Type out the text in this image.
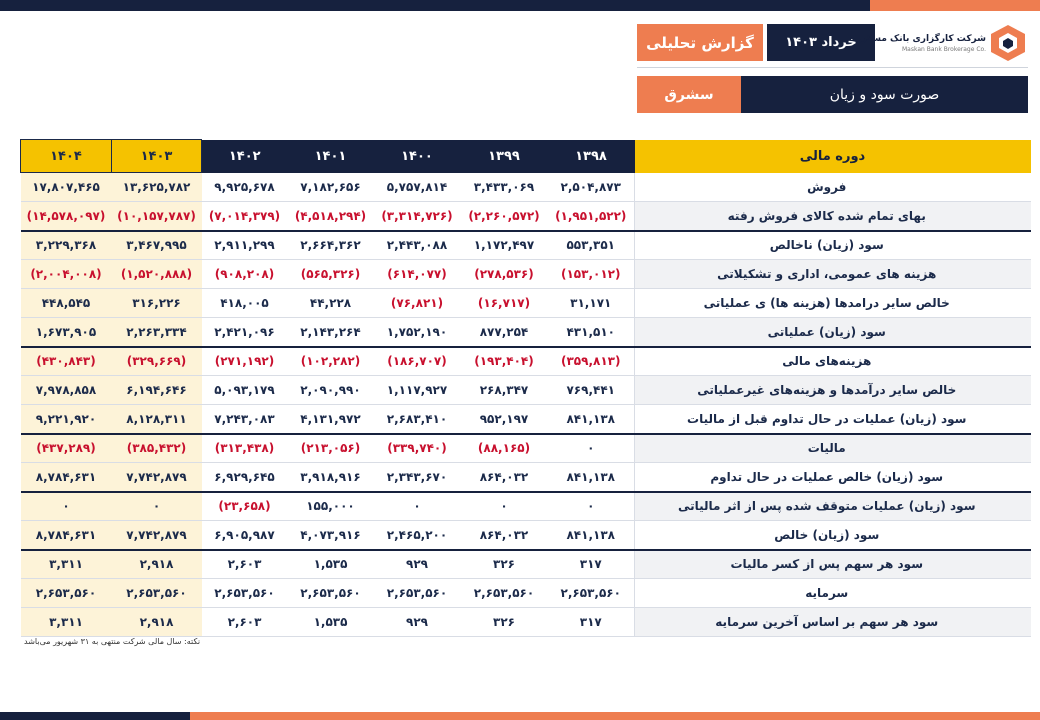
گزارش تحلیلی	خرداد ۱۴۰۳ شرکت کارگزاری بانک مسکن
Maskan Bank Brokerage Co.
سشرق	صورت سود و زیان
۱۴۰۴	۱۴۰۳	۱۴۰۲	۱۴۰۱	۱۴۰۰	۱۳۹۹	۱۳۹۸	دوره مالی
۱۷,۸۰۷,۴۶۵	۱۳,۶۲۵,۷۸۲	۹,۹۲۵,۶۷۸	۷,۱۸۲,۶۵۶	۵,۷۵۷,۸۱۴	۳,۴۳۳,۰۶۹	۲,۵۰۴,۸۷۳	فروش
(۱۴,۵۷۸,۰۹۷)	(۱۰,۱۵۷,۷۸۷)	(۷,۰۱۴,۳۷۹)	(۴,۵۱۸,۲۹۴)	(۳,۳۱۴,۷۲۶)	(۲,۲۶۰,۵۷۲)	(۱,۹۵۱,۵۲۲)	بهای تمام شده کالای فروش رفته
۳,۲۲۹,۳۶۸	۳,۴۶۷,۹۹۵	۲,۹۱۱,۲۹۹	۲,۶۶۴,۳۶۲	۲,۴۴۳,۰۸۸	۱,۱۷۲,۴۹۷	۵۵۳,۳۵۱	سود (زیان) ناخالص
(۲,۰۰۴,۰۰۸)	(۱,۵۲۰,۸۸۸)	(۹۰۸,۲۰۸)	(۵۶۵,۳۲۶)	(۶۱۴,۰۷۷)	(۲۷۸,۵۳۶)	(۱۵۳,۰۱۲)	هزینه های عمومی، اداری و تشکیلاتی
۴۴۸,۵۴۵	۳۱۶,۲۲۶	۴۱۸,۰۰۵	۴۴,۲۲۸	(۷۶,۸۲۱)	(۱۶,۷۱۷)	۳۱,۱۷۱	خالص سایر درامدها (هزینه ها) ی عملیاتی
۱,۶۷۳,۹۰۵	۲,۲۶۳,۳۳۴	۲,۴۲۱,۰۹۶	۲,۱۴۳,۲۶۴	۱,۷۵۲,۱۹۰	۸۷۷,۲۵۴	۴۳۱,۵۱۰	سود (زیان) عملیاتی
(۴۳۰,۸۴۳)	(۳۲۹,۶۶۹)	(۲۷۱,۱۹۲)	(۱۰۲,۲۸۲)	(۱۸۶,۷۰۷)	(۱۹۳,۴۰۴)	(۳۵۹,۸۱۳)	هزینه‌های مالی
۷,۹۷۸,۸۵۸	۶,۱۹۴,۶۴۶	۵,۰۹۳,۱۷۹	۲,۰۹۰,۹۹۰	۱,۱۱۷,۹۲۷	۲۶۸,۳۴۷	۷۶۹,۴۴۱	خالص سایر درآمدها و هزینه‌های غیرعملیاتی
۹,۲۲۱,۹۲۰	۸,۱۲۸,۳۱۱	۷,۲۴۳,۰۸۳	۴,۱۳۱,۹۷۲	۲,۶۸۳,۴۱۰	۹۵۲,۱۹۷	۸۴۱,۱۳۸	سود (زیان) عملیات در حال تداوم قبل از مالیات
(۴۳۷,۲۸۹)	(۳۸۵,۴۳۲)	(۳۱۳,۴۳۸)	(۲۱۳,۰۵۶)	(۳۳۹,۷۴۰)	(۸۸,۱۶۵)	۰	مالیات
۸,۷۸۴,۶۳۱	۷,۷۴۲,۸۷۹	۶,۹۲۹,۶۴۵	۳,۹۱۸,۹۱۶	۲,۳۴۳,۶۷۰	۸۶۴,۰۳۲	۸۴۱,۱۳۸	سود (زیان) خالص عملیات در حال تداوم
۰	۰	(۲۳,۶۵۸)	۱۵۵,۰۰۰	۰	۰	۰	سود (زیان) عملیات متوقف شده پس از اثر مالیاتی
۸,۷۸۴,۶۳۱	۷,۷۴۲,۸۷۹	۶,۹۰۵,۹۸۷	۴,۰۷۳,۹۱۶	۲,۴۶۵,۲۰۰	۸۶۴,۰۳۲	۸۴۱,۱۳۸	سود (زیان) خالص
۳,۳۱۱	۲,۹۱۸	۲,۶۰۳	۱,۵۳۵	۹۲۹	۳۲۶	۳۱۷	سود هر سهم پس از کسر مالیات
۲,۶۵۳,۵۶۰	۲,۶۵۳,۵۶۰	۲,۶۵۳,۵۶۰	۲,۶۵۳,۵۶۰	۲,۶۵۳,۵۶۰	۲,۶۵۳,۵۶۰	۲,۶۵۳,۵۶۰	سرمایه
۳,۳۱۱	۲,۹۱۸	۲,۶۰۳	۱,۵۳۵	۹۲۹	۳۲۶	۳۱۷	سود هر سهم بر اساس آخرین سرمایه
نکته: سال مالی شرکت منتهی به ۳۱ شهریور می‌باشد
